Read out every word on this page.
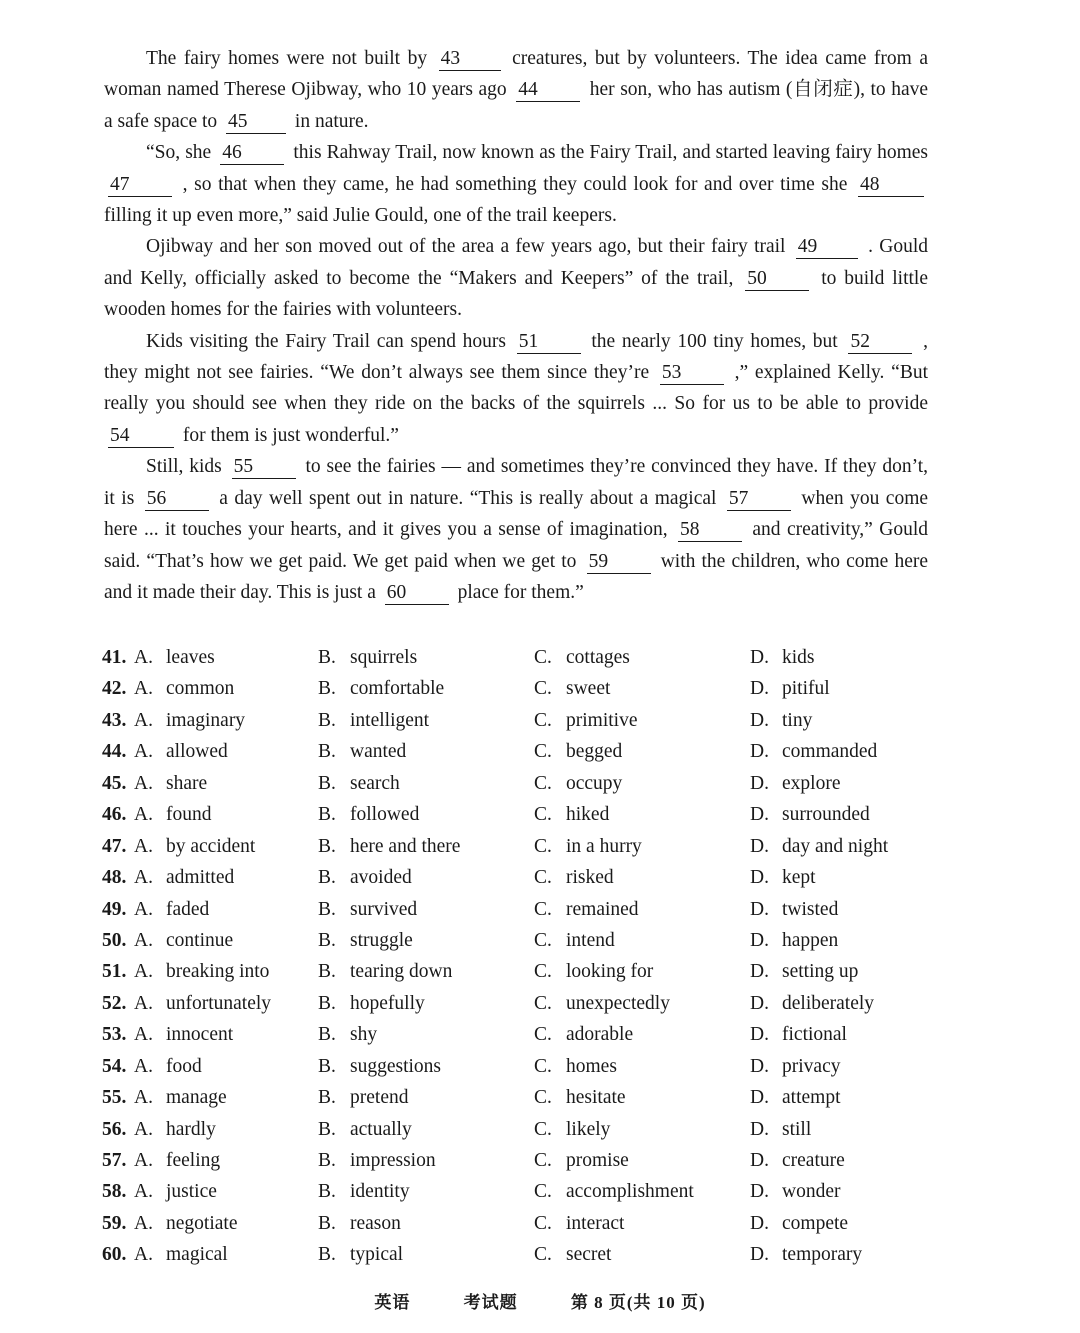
The fairy homes were not built by 43	creatures, but by volunteers. The idea came from a woman named Therese Ojibway, who 10 years ago 44	her son, who has autism (自闭症), to have a safe space to 45 in nature.

“So, she 46	this Rahway Trail, now known as the Fairy Trail, and started leaving fairy homes 47	, so that when they came, he had something they could look for and over time she 48 filling it up even more,” said Julie Gould, one of the trail keepers.

Ojibway and her son moved out of the area a few years ago, but their fairy trail 49	. Gould and Kelly, officially asked to become the “Makers and Keepers” of the trail, 50	to build little wooden homes for the fairies with volunteers.

Kids visiting the Fairy Trail can spend hours 51	the nearly 100 tiny homes, but 52	, they might not see fairies. “We don’t always see them since they’re 53	,” explained Kelly. “But really you should see when they ride on the backs of the squirrels ... So for us to be able to provide 54	for them is just wonderful.”

Still, kids 55	to see the fairies — and sometimes they’re convinced they have. If they don’t, it is 56	a day well spent out in nature. “This is really about a magical 57	when you come here ... it touches your hearts, and it gives you a sense of imagination, 58	and creativity,” Gould said. “That’s how we get paid. We get paid when we get to 59	with the children, who come here and it made their day. This is just a 60	place for them.”

41. A. leaves	B. squirrels	C. cottages	D. kids
42. A. common	B. comfortable	C. sweet	D. pitiful
43. A. imaginary	B. intelligent	C. primitive	D. tiny
44. A. allowed	B. wanted	C. begged	D. commanded
45. A. share	B. search	C. occupy	D. explore
46. A. found	B. followed	C. hiked	D. surrounded
47. A. by accident	B. here and there	C. in a hurry	D. day and night
48. A. admitted	B. avoided	C. risked	D. kept
49. A. faded	B. survived	C. remained	D. twisted
50. A. continue	B. struggle	C. intend	D. happen
51. A. breaking into B. tearing down	C. looking for	D. setting up
52. A. unfortunately B. hopefully	C. unexpectedly	D. deliberately
53. A. innocent	B. shy	C. adorable	D. fictional
54. A. food	B. suggestions	C. homes	D. privacy
55. A. manage	B. pretend	C. hesitate	D. attempt
56. A. hardly	B. actually	C. likely	D. still
57. A. feeling	B. impression	C. promise	D. creature
58. A. justice	B. identity	C. accomplishment	D. wonder
59. A. negotiate	B. reason	C. interact	D. compete
60. A. magical	B. typical	C. secret	D. temporary
英语	考试题	第 8 页(共 10 页)
